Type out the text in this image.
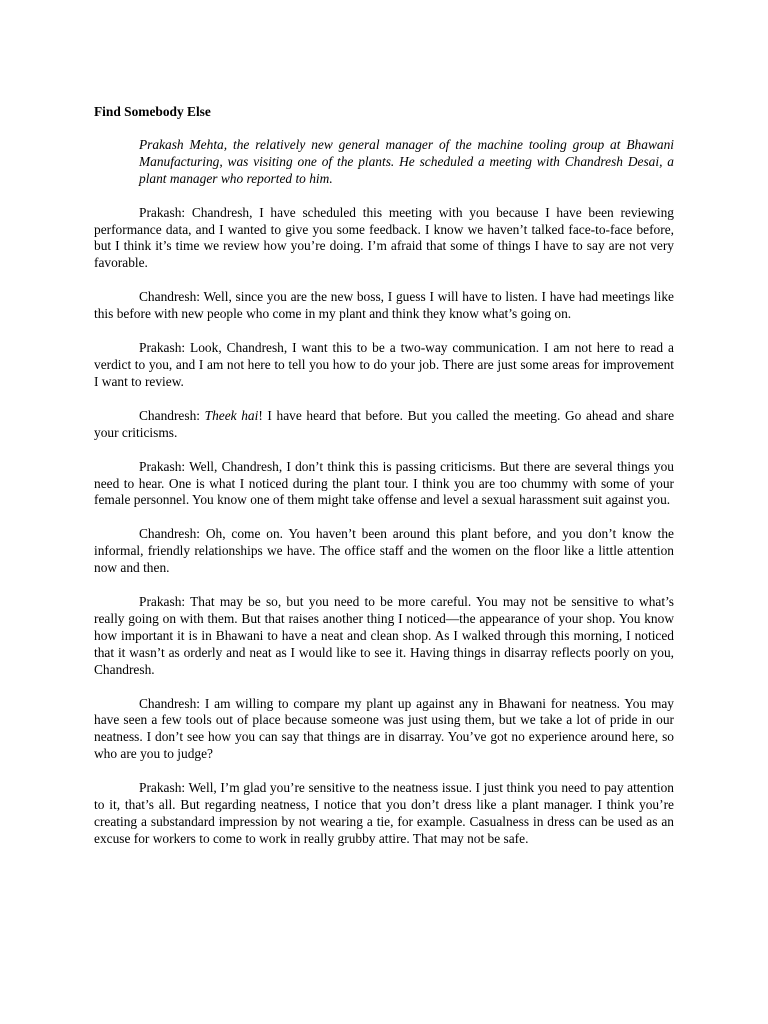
Find Somebody Else
Prakash Mehta, the relatively new general manager of the machine tooling group at Bhawani Manufacturing, was visiting one of the plants. He scheduled a meeting with Chandresh Desai, a plant manager who reported to him.

Prakash: Chandresh, I have scheduled this meeting with you because I have been reviewing performance data, and I wanted to give you some feedback. I know we haven’t talked face-to-face before, but I think it’s time we review how you’re doing. I’m afraid that some of things I have to say are not very favorable.

Chandresh: Well, since you are the new boss, I guess I will have to listen. I have had meetings like this before with new people who come in my plant and think they know what’s going on.

Prakash: Look, Chandresh, I want this to be a two-way communication. I am not here to read a verdict to you, and I am not here to tell you how to do your job. There are just some areas for improvement I want to review.

Chandresh: Theek hai! I have heard that before. But you called the meeting. Go ahead and share your criticisms.

Prakash: Well, Chandresh, I don’t think this is passing criticisms. But there are several things you need to hear. One is what I noticed during the plant tour. I think you are too chummy with some of your female personnel. You know one of them might take offense and level a sexual harassment suit against you.

Chandresh: Oh, come on. You haven’t been around this plant before, and you don’t know the informal, friendly relationships we have. The office staff and the women on the floor like a little attention now and then.

Prakash: That may be so, but you need to be more careful. You may not be sensitive to what’s really going on with them. But that raises another thing I noticed—the appearance of your shop. You know how important it is in Bhawani to have a neat and clean shop. As I walked through this morning, I noticed that it wasn’t as orderly and neat as I would like to see it. Having things in disarray reflects poorly on you, Chandresh.

Chandresh: I am willing to compare my plant up against any in Bhawani for neatness. You may have seen a few tools out of place because someone was just using them, but we take a lot of pride in our neatness. I don’t see how you can say that things are in disarray. You’ve got no experience around here, so who are you to judge?

Prakash: Well, I’m glad you’re sensitive to the neatness issue. I just think you need to pay attention to it, that’s all. But regarding neatness, I notice that you don’t dress like a plant manager. I think you’re creating a substandard impression by not wearing a tie, for example. Casualness in dress can be used as an excuse for workers to come to work in really grubby attire. That may not be safe.
